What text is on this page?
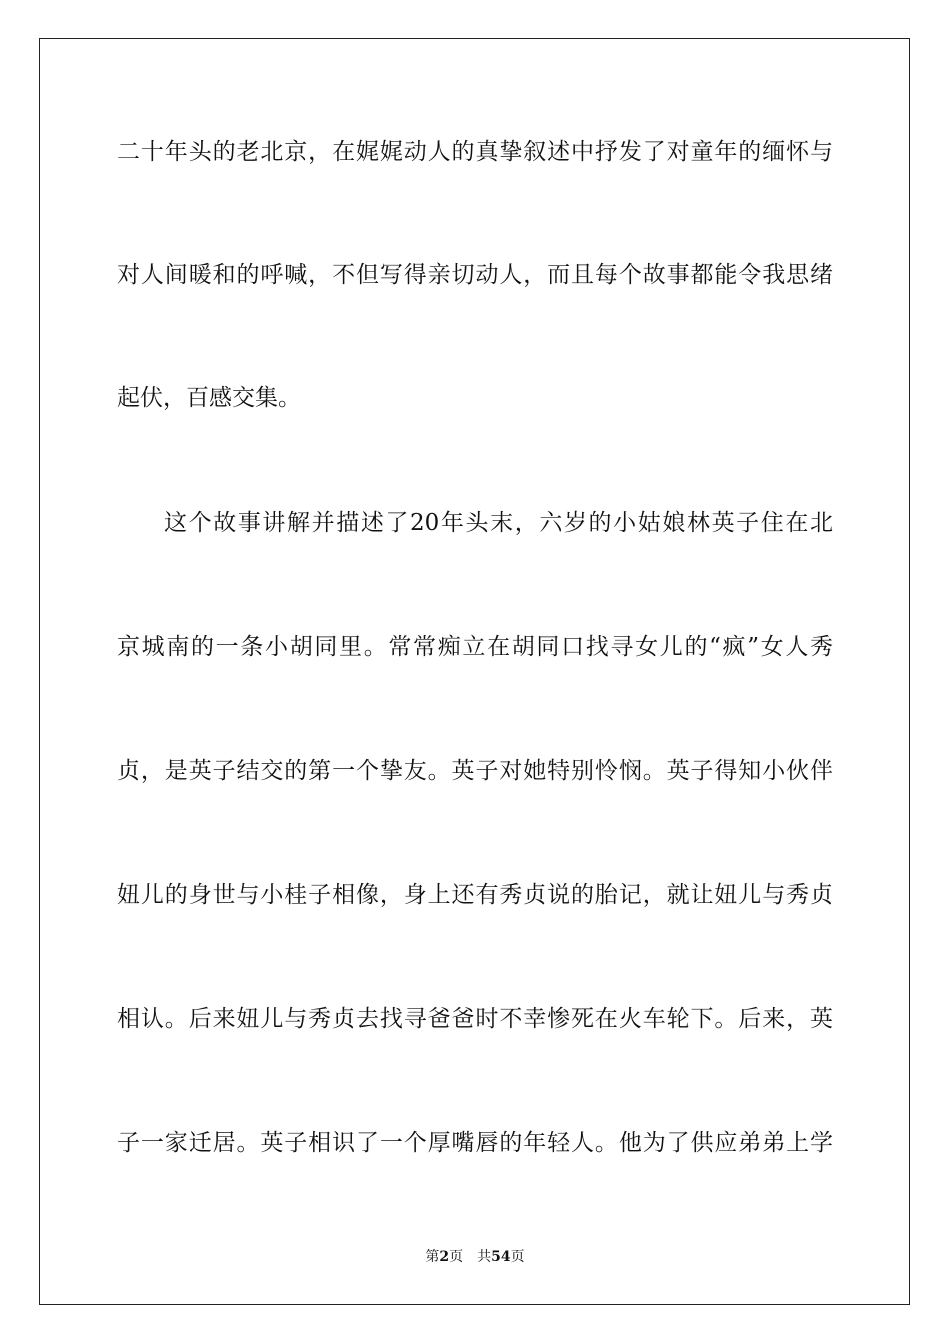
二十年头的老北京，在娓娓动人的真挚叙述中抒发了对童年的缅怀与
对人间暖和的呼喊，不但写得亲切动人，而且每个故事都能令我思绪
起伏，百感交集。
这个故事讲解并描述了20年头末，六岁的小姑娘林英子住在北
京城南的一条小胡同里。常常痴立在胡同口找寻女儿的“疯”女人秀
贞，是英子结交的第一个挚友。英子对她特别怜悯。英子得知小伙伴
妞儿的身世与小桂子相像，身上还有秀贞说的胎记，就让妞儿与秀贞
相认。后来妞儿与秀贞去找寻爸爸时不幸惨死在火车轮下。后来，英
子一家迁居。英子相识了一个厚嘴唇的年轻人。他为了供应弟弟上学
第2页 共54页
